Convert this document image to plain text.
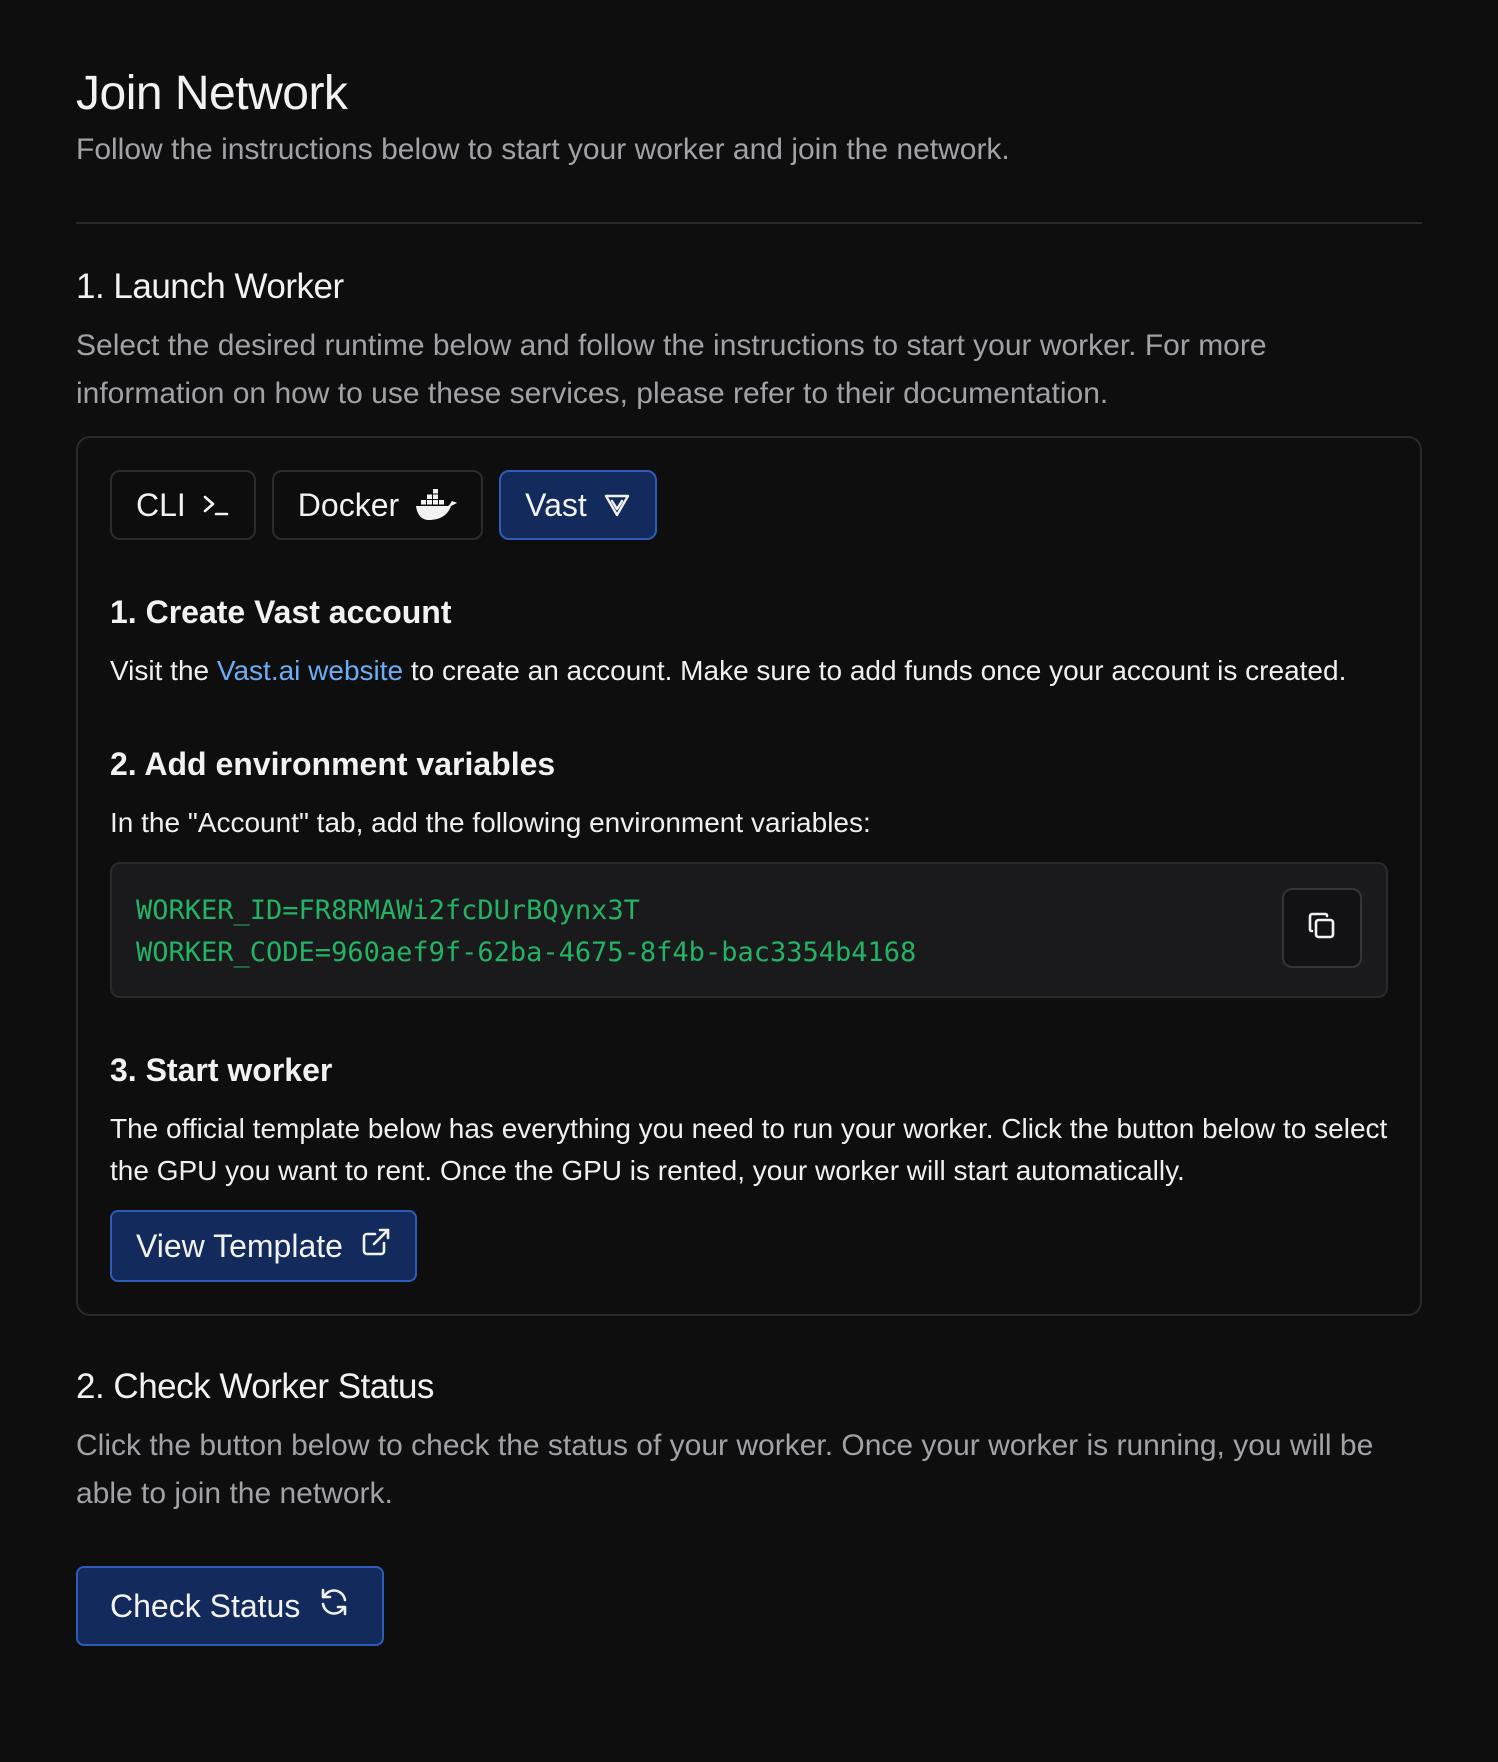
Join Network

Follow the instructions below to start your worker and join the network.

1. Launch Worker

Select the desired runtime below and follow the instructions to start your worker. For more information on how to use these services, please refer to their documentation.

CLI	Docker	Vast
1. Create Vast account

Visit the Vast.ai website to create an account. Make sure to add funds once your account is created.

2. Add environment variables

In the "Account" tab, add the following environment variables:

WORKER_ID=FR8RMAWi2fcDUrBQynx3T
WORKER_CODE=960aef9f-62ba-4675-8f4b-bac3354b4168
3. Start worker

The official template below has everything you need to run your worker. Click the button below to select the GPU you want to rent. Once the GPU is rented, your worker will start automatically.

View Template
2. Check Worker Status

Click the button below to check the status of your worker. Once your worker is running, you will be able to join the network.

Check Status
